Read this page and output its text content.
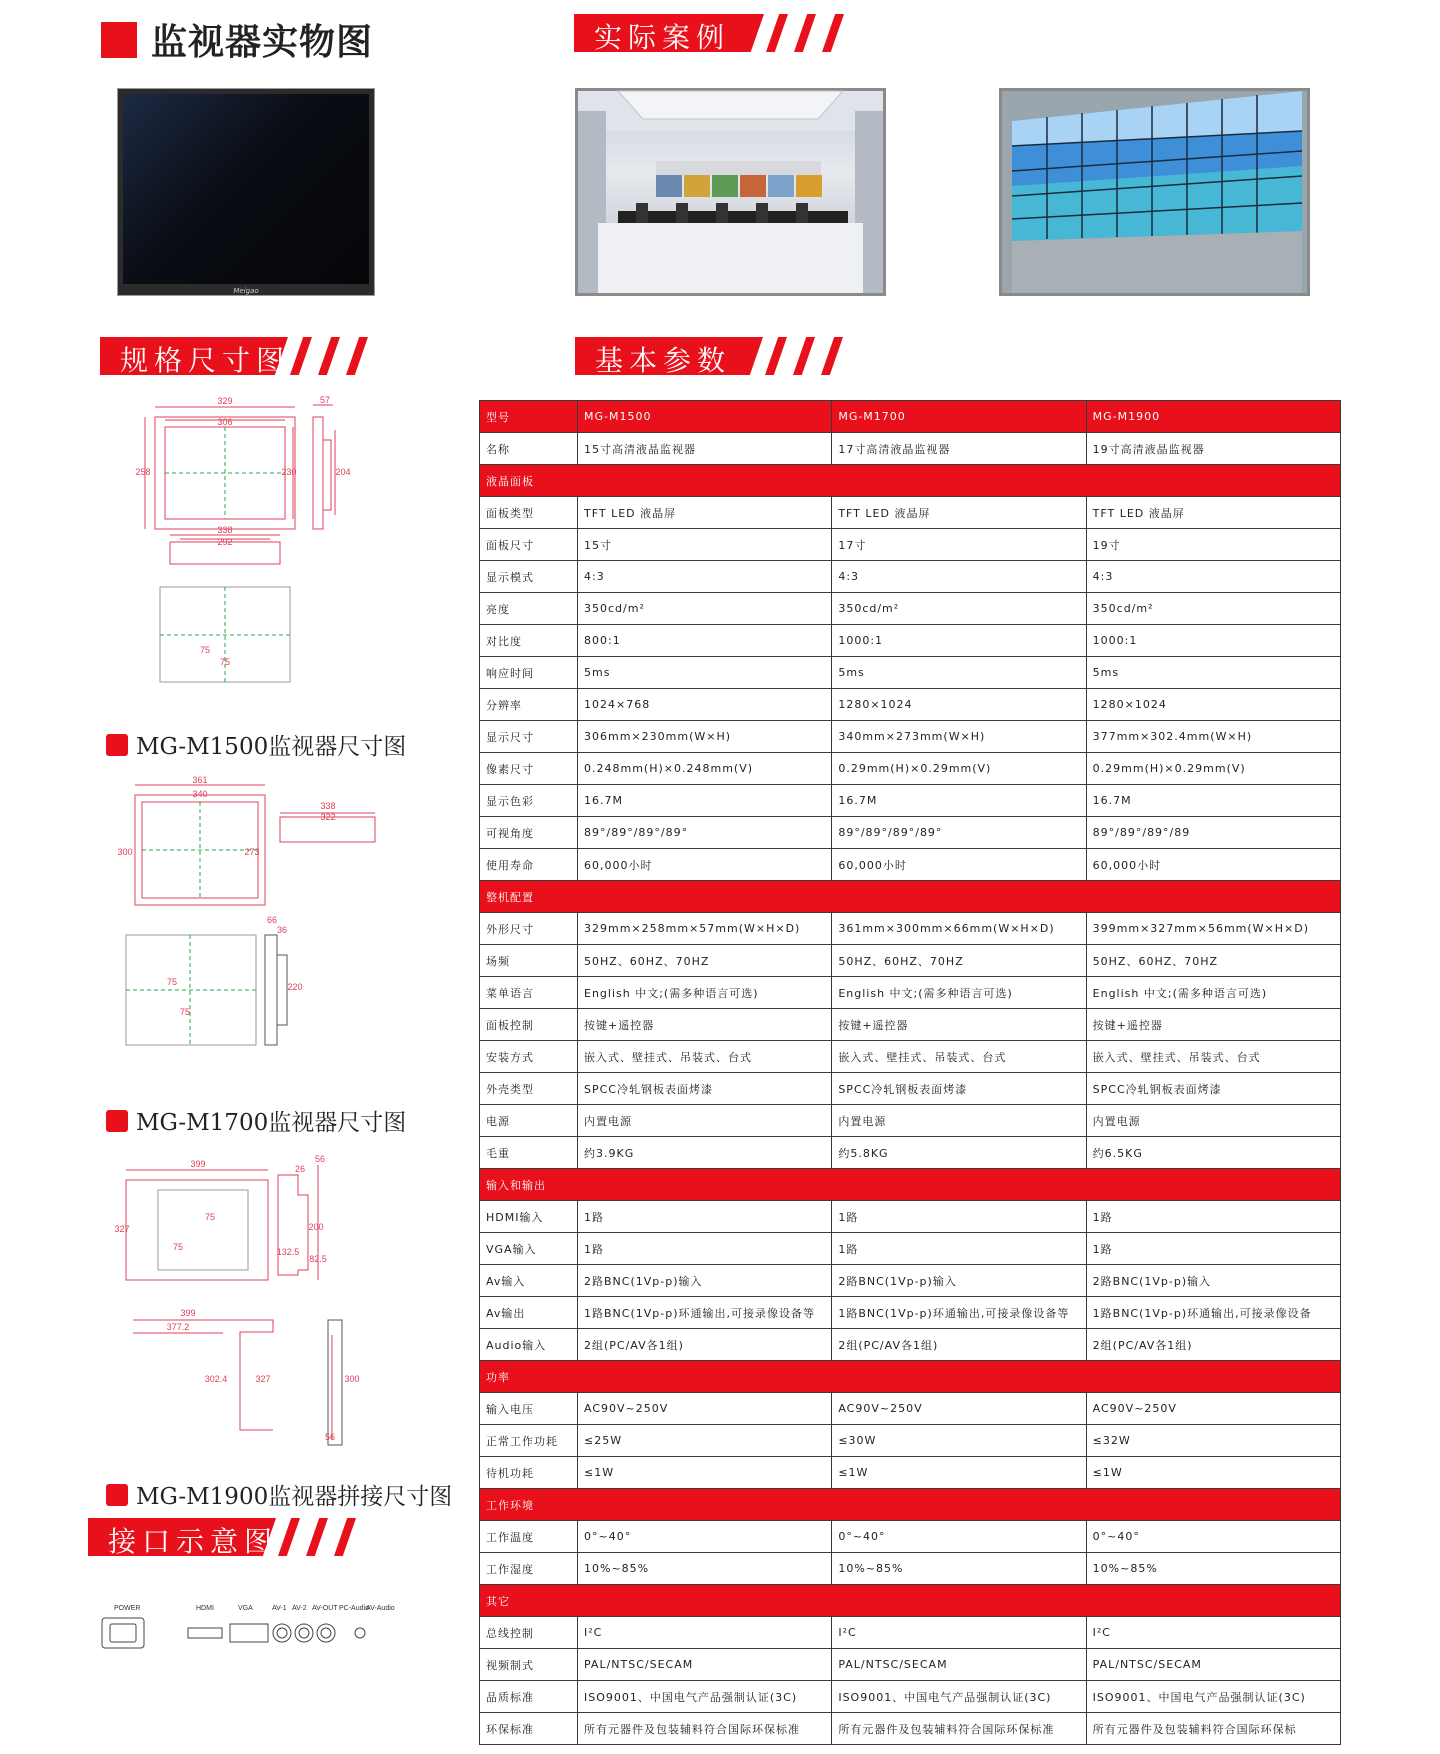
监视器实物图	实际案例
Meigao
规格尺寸图	基本参数
329
306
57
258	230	204
338
292
75
75
MG-M1500监视器尺寸图
361
340
300	273
338
322
66
36
75
75
220
MG-M1700监视器尺寸图
399	26
56
327
75
75
200
132.5
82.5
399
377.2
302.4	327	300
56
MG-M1900监视器拼接尺寸图
接口示意图
POWER	HDMI	VGA	AV-1 AV-2 AV-OUT PC-Audio
AV-Audio
型号	MG-M1500	MG-M1700	MG-M1900
名称	15寸高清液晶监视器	17寸高清液晶监视器	19寸高清液晶监视器
液晶面板			
面板类型	TFT LED 液晶屏	TFT LED 液晶屏	TFT LED 液晶屏
面板尺寸	15寸	17寸	19寸
显示模式	4:3	4:3	4:3
亮度	350cd/m²	350cd/m²	350cd/m²
对比度	800:1	1000:1	1000:1
响应时间	5ms	5ms	5ms
分辨率	1024×768	1280×1024	1280×1024
显示尺寸	306mm×230mm(W×H)	340mm×273mm(W×H)	377mm×302.4mm(W×H)
像素尺寸	0.248mm(H)×0.248mm(V)	0.29mm(H)×0.29mm(V)	0.29mm(H)×0.29mm(V)
显示色彩	16.7M	16.7M	16.7M
可视角度	89°/89°/89°/89°	89°/89°/89°/89°	89°/89°/89°/89
使用寿命	60,000小时	60,000小时	60,000小时
整机配置			
外形尺寸	329mm×258mm×57mm(W×H×D)	361mm×300mm×66mm(W×H×D)	399mm×327mm×56mm(W×H×D)
场频	50HZ、60HZ、70HZ	50HZ、60HZ、70HZ	50HZ、60HZ、70HZ
菜单语言	English 中文;(需多种语言可选)	English 中文;(需多种语言可选)	English 中文;(需多种语言可选)
面板控制	按键+遥控器	按键+遥控器	按键+遥控器
安装方式	嵌入式、壁挂式、吊装式、台式	嵌入式、壁挂式、吊装式、台式	嵌入式、壁挂式、吊装式、台式
外壳类型	SPCC冷轧钢板表面烤漆	SPCC冷轧钢板表面烤漆	SPCC冷轧钢板表面烤漆
电源	内置电源	内置电源	内置电源
毛重	约3.9KG	约5.8KG	约6.5KG
输入和输出			
HDMI输入	1路	1路	1路
VGA输入	1路	1路	1路
Av输入	2路BNC(1Vp-p)输入	2路BNC(1Vp-p)输入	2路BNC(1Vp-p)输入
Av输出	1路BNC(1Vp-p)环通输出,可接录像设备等	1路BNC(1Vp-p)环通输出,可接录像设备等	1路BNC(1Vp-p)环通输出,可接录像设备
Audio输入	2组(PC/AV各1组)	2组(PC/AV各1组)	2组(PC/AV各1组)
功率			
输入电压	AC90V~250V	AC90V~250V	AC90V~250V
正常工作功耗	≤25W	≤30W	≤32W
待机功耗	≤1W	≤1W	≤1W
工作环境			
工作温度	0°~40°	0°~40°	0°~40°
工作湿度	10%~85%	10%~85%	10%~85%
其它			
总线控制	I²C	I²C	I²C
视频制式	PAL/NTSC/SECAM	PAL/NTSC/SECAM	PAL/NTSC/SECAM
品质标准	ISO9001、中国电气产品强制认证(3C)	ISO9001、中国电气产品强制认证(3C)	ISO9001、中国电气产品强制认证(3C)
环保标准	所有元器件及包装辅料符合国际环保标准	所有元器件及包装辅料符合国际环保标准	所有元器件及包装辅料符合国际环保标
